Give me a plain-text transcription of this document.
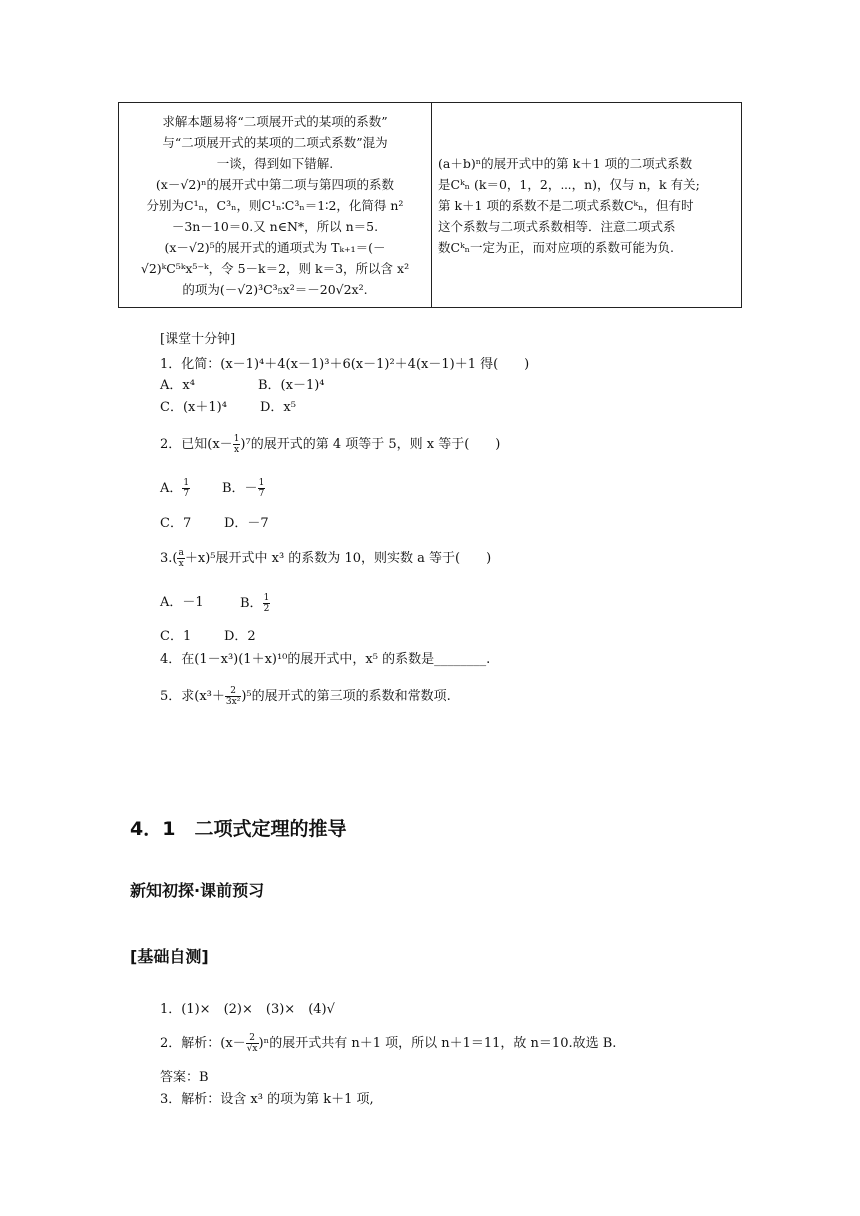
求解本题易将“二项展开式的某项的系数”
与“二项展开式的某项的二项式系数”混为
一谈，得到如下错解.
(x－√2)ⁿ的展开式中第二项与第四项的系数
分别为C¹ₙ，C³ₙ，则C¹ₙ∶C³ₙ＝1∶2，化简得 n²
－3n－10＝0.又 n∈N*，所以 n＝5.
(x－√2)⁵的展开式的通项式为 Tₖ₊₁＝(－
√2)ᵏC⁵ᵏx⁵⁻ᵏ，令 5－k＝2，则 k＝3，所以含 x²
的项为(－√2)³C³₅x²＝－20√2x².

(a＋b)ⁿ的展开式中的第 k＋1 项的二项式系数
是Cᵏₙ (k＝0，1，2，⋯，n)，仅与 n，k 有关;
第 k＋1 项的系数不是二项式系数Cᵏₙ，但有时
这个系数与二项式系数相等．注意二项式系
数Cᵏₙ一定为正，而对应项的系数可能为负.
[课堂十分钟]
1．化简：(x－1)⁴＋4(x－1)³＋6(x－1)²＋4(x－1)＋1 得(　　)
A．x⁴	B．(x－1)⁴
C．(x＋1)⁴	D．x⁵
2．已知$(x- \frac{1}{x} )^7$的展开式的第 4 项等于 5，则 x 等于(　　)
A． $\frac{1}{7}$ B．－ $\frac{1}{7}$
C．7	D．－7
$3.( \frac{a}{x} +x)^5$展开式中 x³ 的系数为 10，则实数 a 等于(　　)
A．－1	B． $\frac{1}{2}$
C．1	D．2
4．在(1－x³)(1＋x)¹⁰的展开式中，x⁵ 的系数是________.
5．求$(x^3+ \frac{2}{\text{3x²}} )^5$的展开式的第三项的系数和常数项.
4．1　二项式定理的推导
新知初探·课前预习
[基础自测]
1．(1)×　(2)×　(3)×　(4)√
2．解析：$(x- \frac{2}{√x} )^n$的展开式共有 n＋1 项，所以 n＋1＝11，故 n＝10.故选 B.
答案：B
3．解析：设含 x³ 的项为第 k＋1 项,
